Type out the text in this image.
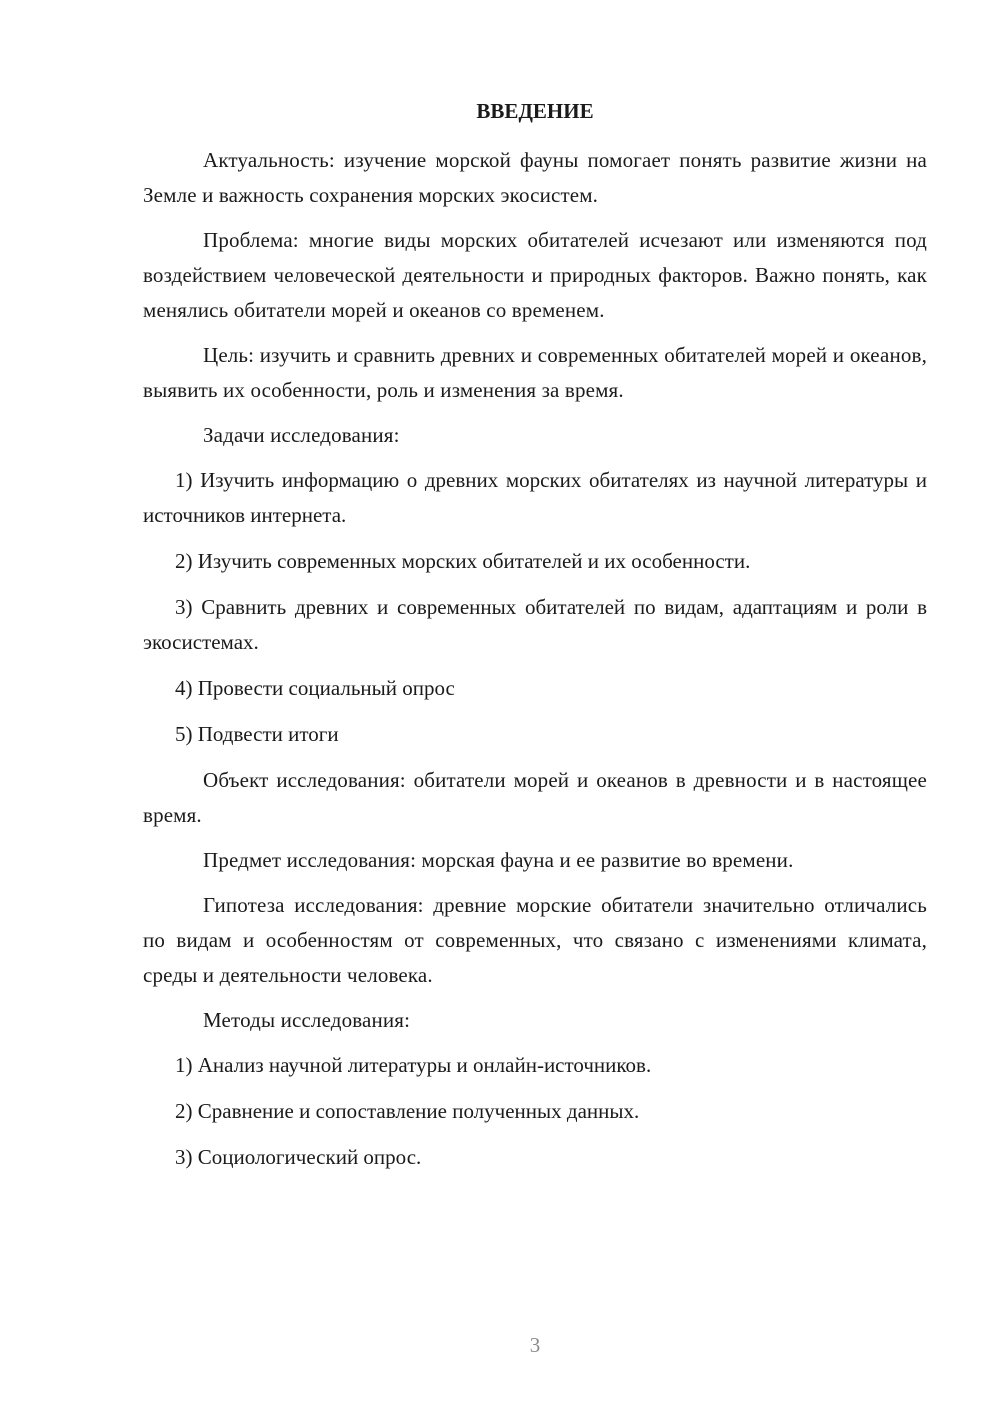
ВВЕДЕНИЕ

Актуальность: изучение морской фауны помогает понять развитие жизни на Земле и важность сохранения морских экосистем.

Проблема: многие виды морских обитателей исчезают или изменяются под воздействием человеческой деятельности и природных факторов. Важно понять, как менялись обитатели морей и океанов со временем.

Цель: изучить и сравнить древних и современных обитателей морей и океанов, выявить их особенности, роль и изменения за время.

Задачи исследования:

1) Изучить информацию о древних морских обитателях из научной литературы и источников интернета.

2) Изучить современных морских обитателей и их особенности.

3) Сравнить древних и современных обитателей по видам, адаптациям и роли в экосистемах.

4) Провести социальный опрос

5) Подвести итоги

Объект исследования: обитатели морей и океанов в древности и в настоящее время.

Предмет исследования: морская фауна и ее развитие во времени.

Гипотеза исследования: древние морские обитатели значительно отличались по видам и особенностям от современных, что связано с изменениями климата, среды и деятельности человека.

Методы исследования:

1) Анализ научной литературы и онлайн-источников.

2) Сравнение и сопоставление полученных данных.

3) Социологический опрос.

3
